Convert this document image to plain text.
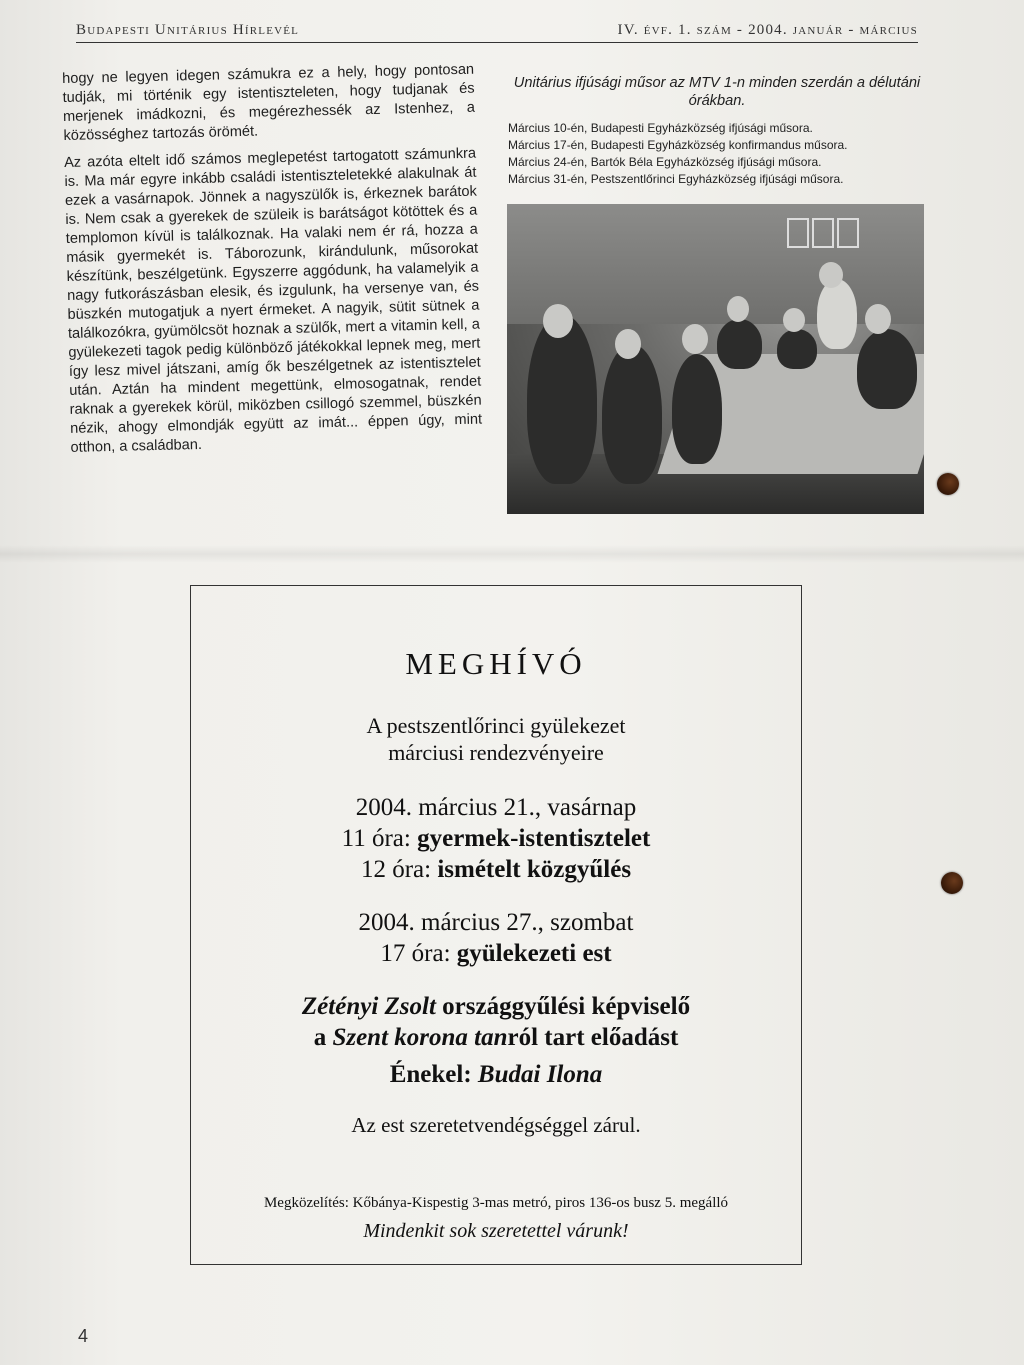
Budapesti Unitárius Hírlevél	IV. évf. 1. szám - 2004. január - március

hogy ne legyen idegen számukra ez a hely, hogy pontosan tudják, mi történik egy istentiszteleten, hogy tudjanak és merjenek imádkozni, és megérezhessék az Istenhez, a közösséghez tartozás örömét.

Az azóta eltelt idő számos meglepetést tartogatott számunkra is. Ma már egyre inkább családi istentiszteletekké alakulnak át ezek a vasárnapok. Jönnek a nagyszülők is, érkeznek barátok is. Nem csak a gyerekek de szüleik is barátságot kötöttek és a templomon kívül is találkoznak. Ha valaki nem ér rá, hozza a másik gyermekét is. Táborozunk, kirándulunk, műsorokat készítünk, beszélgetünk. Egyszerre aggódunk, ha valamelyik a nagy futkorászásban elesik, és izgulunk, ha versenye van, és büszkén mutogatjuk a nyert érmeket. A nagyik, sütit sütnek a találkozókra, gyümölcsöt hoznak a szülők, mert a vitamin kell, a gyülekezeti tagok pedig különböző játékokkal lepnek meg, mert így lesz mivel játszani, amíg ők beszélgetnek az istentisztelet után. Aztán ha mindent megettünk, elmosogatnak, rendet raknak a gyerekek körül, miközben csillogó szemmel, büszkén nézik, ahogy elmondják együtt az imát... éppen úgy, mint otthon, a családban.

Unitárius ifjúsági műsor az MTV 1-n minden szerdán a délutáni órákban.

Március 10-én, Budapesti Egyházközség ifjúsági műsora.
Március 17-én, Budapesti Egyházközség konfirmandus műsora.
Március 24-én, Bartók Béla Egyházközség ifjúsági műsora.
Március 31-én, Pestszentlőrinci Egyházközség ifjúsági műsora.
MEGHÍVÓ

A pestszentlőrinci gyülekezet

márciusi rendezvényeire

2004. március 21., vasárnap

11 óra: gyermek-istentisztelet

12 óra: ismételt közgyűlés

2004. március 27., szombat

17 óra: gyülekezeti est

Zétényi Zsolt országgyűlési képviselő

a Szent korona tanról tart előadást

Énekel: Budai Ilona

Az est szeretetvendégséggel zárul.

Megközelítés: Kőbánya-Kispestig 3-mas metró, piros 136-os busz 5. megálló

Mindenkit sok szeretettel várunk!

4
